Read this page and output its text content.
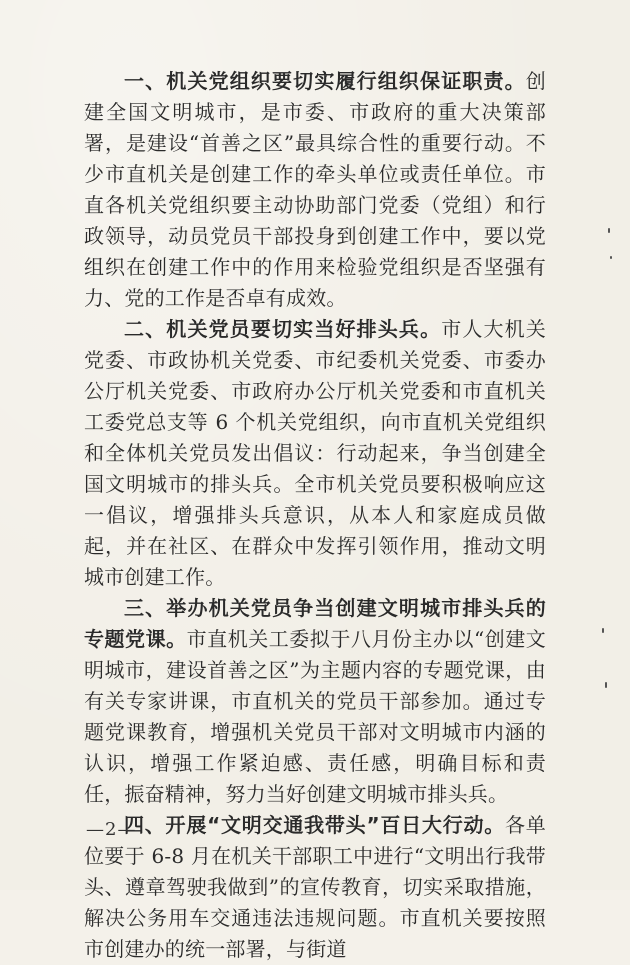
一、机关党组织要切实履行组织保证职责。创建全国文明城市，是市委、市政府的重大决策部署，是建设“首善之区”最具综合性的重要行动。不少市直机关是创建工作的牵头单位或责任单位。市直各机关党组织要主动协助部门党委（党组）和行政领导，动员党员干部投身到创建工作中，要以党组织在创建工作中的作用来检验党组织是否坚强有力、党的工作是否卓有成效。

二、机关党员要切实当好排头兵。市人大机关党委、市政协机关党委、市纪委机关党委、市委办公厅机关党委、市政府办公厅机关党委和市直机关工委党总支等 6 个机关党组织，向市直机关党组织和全体机关党员发出倡议：行动起来，争当创建全国文明城市的排头兵。全市机关党员要积极响应这一倡议，增强排头兵意识，从本人和家庭成员做起，并在社区、在群众中发挥引领作用，推动文明城市创建工作。

三、举办机关党员争当创建文明城市排头兵的专题党课。市直机关工委拟于八月份主办以“创建文明城市，建设首善之区”为主题内容的专题党课，由有关专家讲课，市直机关的党员干部参加。通过专题党课教育，增强机关党员干部对文明城市内涵的认识，增强工作紧迫感、责任感，明确目标和责任，振奋精神，努力当好创建文明城市排头兵。

四、开展“文明交通我带头”百日大行动。各单位要于 6-8 月在机关干部职工中进行“文明出行我带头、遵章驾驶我做到”的宣传教育，切实采取措施，解决公务用车交通违法违规问题。市直机关要按照市创建办的统一部署，与街道

—2—
